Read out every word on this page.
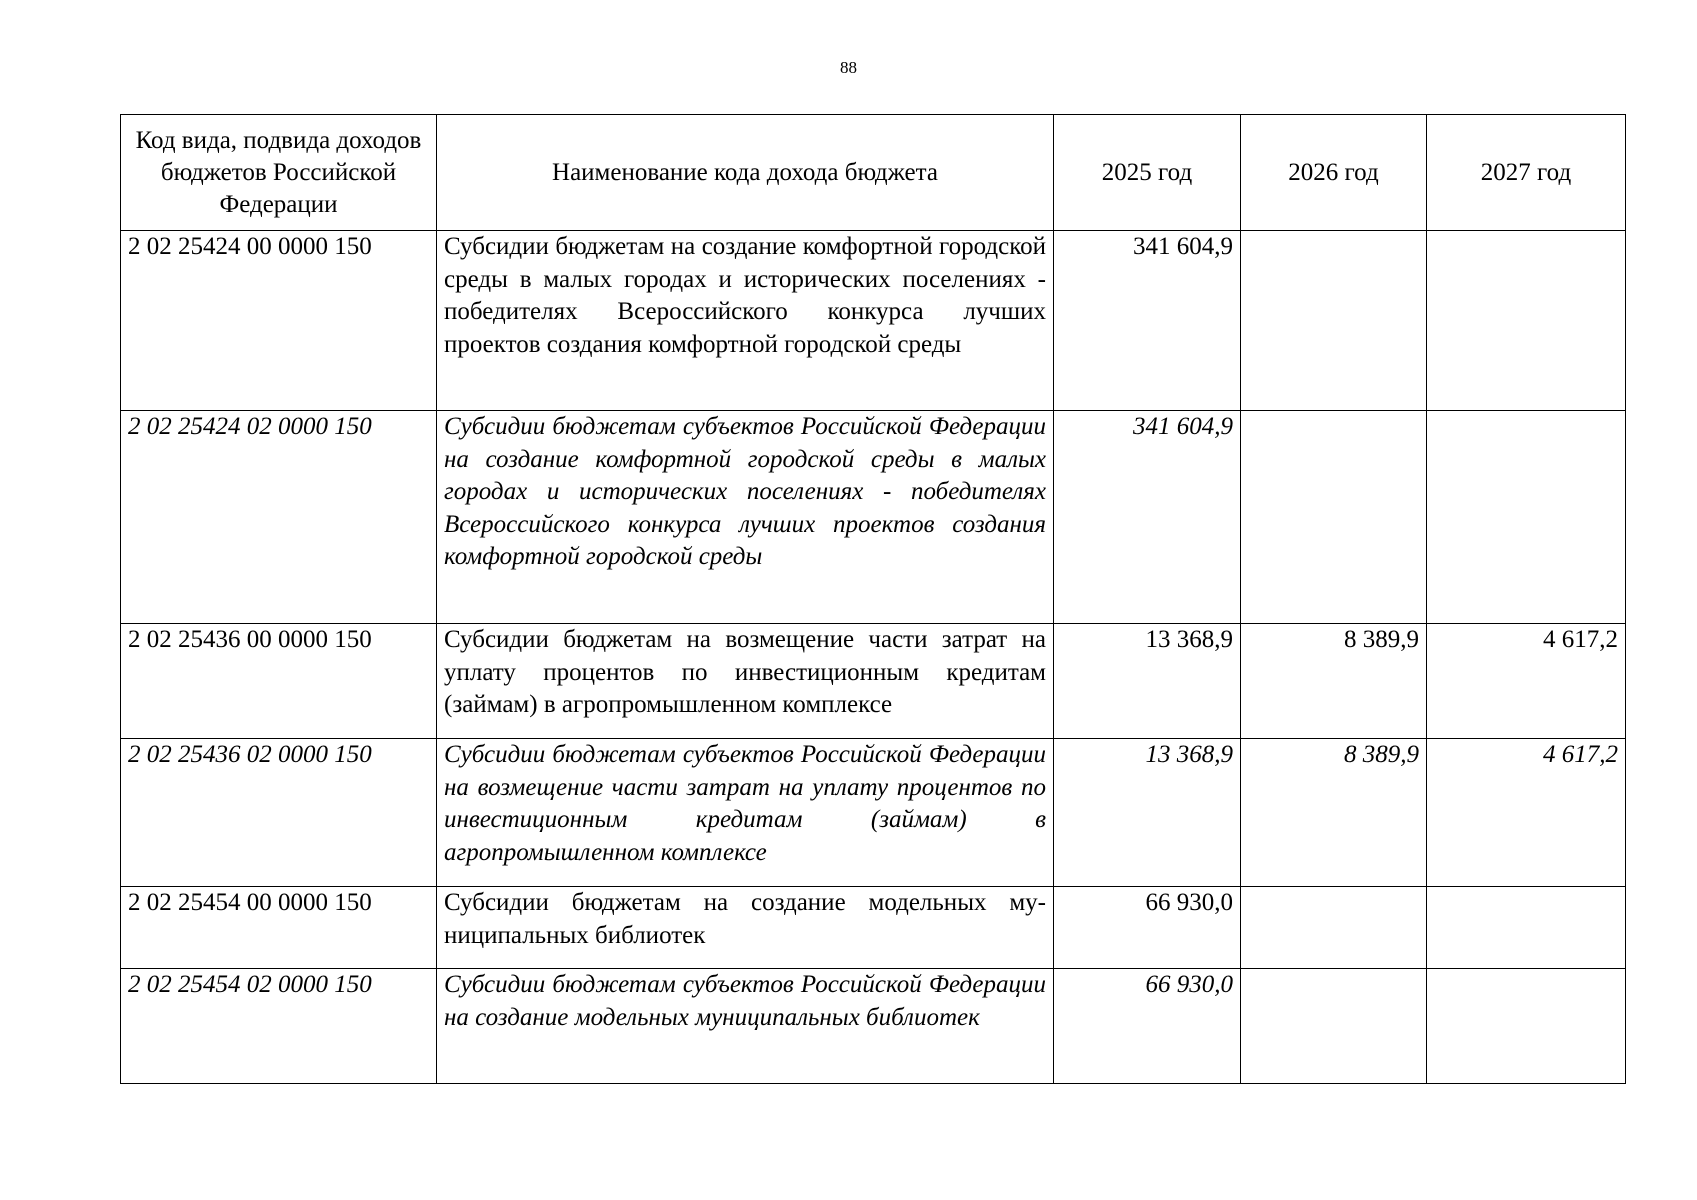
88
Код вида, подвида доходов бюджетов Российской Федерации	Наименование кода дохода бюджета	2025 год	2026 год	2027 год
2 02 25424 00 0000 150	Субсидии бюджетам на создание комфортной городской среды в малых городах и исторических поселениях - победителях Всероссийского конкурса лучших проектов создания комфортной городской среды	341 604,9		
2 02 25424 02 0000 150	Субсидии бюджетам субъектов Российской Федерации на создание комфортной городской среды в малых городах и исторических поселениях - победителях Всероссийского конкурса лучших проектов создания комфортной городской среды	341 604,9		
2 02 25436 00 0000 150	Субсидии бюджетам на возмещение части затрат на уплату процентов по инвестиционным кредитам (займам) в агропромышленном комплексе	13 368,9	8 389,9	4 617,2
2 02 25436 02 0000 150	Субсидии бюджетам субъектов Российской Федерации на возмещение части затрат на уплату процентов по инвестиционным кредитам (займам) в агропромышленном комплексе	13 368,9	8 389,9	4 617,2
2 02 25454 00 0000 150	Субсидии бюджетам на создание модельных муниципальных библиотек	66 930,0		
2 02 25454 02 0000 150	Субсидии бюджетам субъектов Российской Федерации на создание модельных муниципальных библиотек	66 930,0		
